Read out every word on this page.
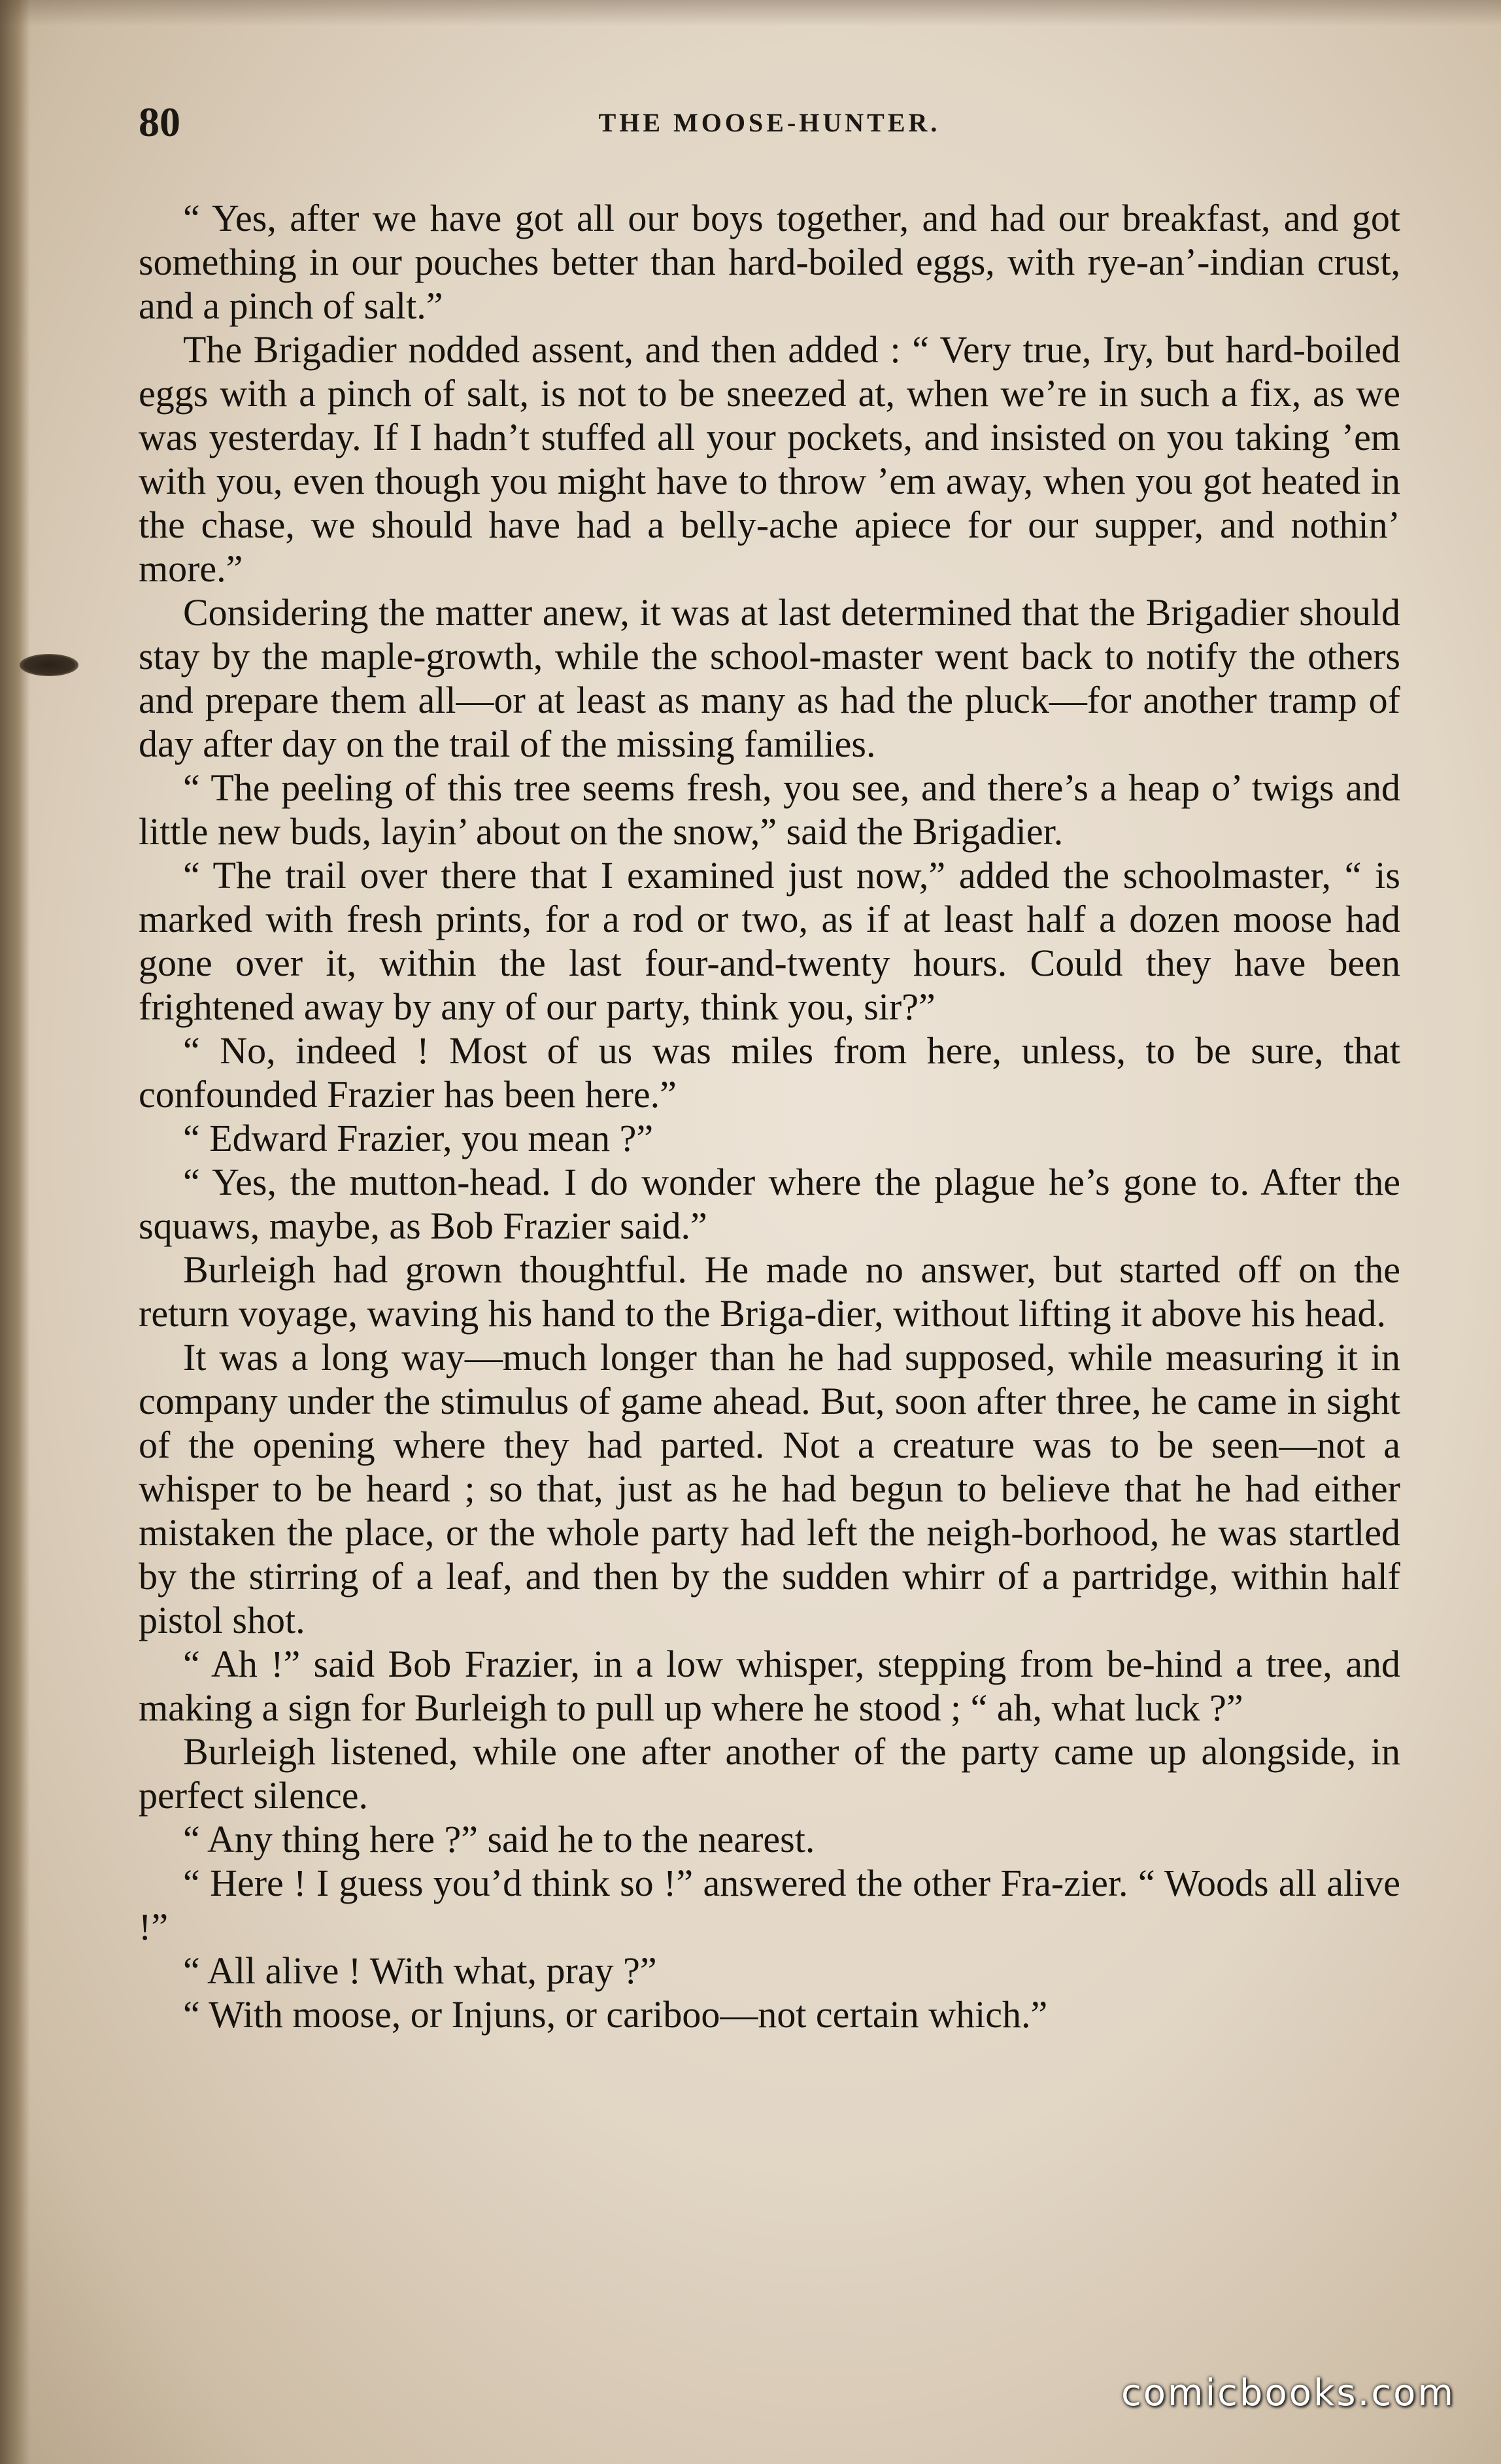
80	THE MOOSE-HUNTER.

“ Yes, after we have got all our boys together, and had our breakfast, and got something in our pouches better than hard-boiled eggs, with rye-an’-indian crust, and a pinch of salt.”

The Brigadier nodded assent, and then added : “ Very true, Iry, but hard-boiled eggs with a pinch of salt, is not to be sneezed at, when we’re in such a fix, as we was yesterday. If I hadn’t stuffed all your pockets, and insisted on you taking ’em with you, even though you might have to throw ’em away, when you got heated in the chase, we should have had a belly-ache apiece for our supper, and nothin’ more.”

Considering the matter anew, it was at last determined that the Brigadier should stay by the maple-growth, while the school-master went back to notify the others and prepare them all—or at least as many as had the pluck—for another tramp of day after day on the trail of the missing families.

“ The peeling of this tree seems fresh, you see, and there’s a heap o’ twigs and little new buds, layin’ about on the snow,” said the Brigadier.

“ The trail over there that I examined just now,” added the schoolmaster, “ is marked with fresh prints, for a rod or two, as if at least half a dozen moose had gone over it, within the last four-and-twenty hours. Could they have been frightened away by any of our party, think you, sir?”

“ No, indeed ! Most of us was miles from here, unless, to be sure, that confounded Frazier has been here.”

“ Edward Frazier, you mean ?”

“ Yes, the mutton-head. I do wonder where the plague he’s gone to. After the squaws, maybe, as Bob Frazier said.”

Burleigh had grown thoughtful. He made no answer, but started off on the return voyage, waving his hand to the Briga-dier, without lifting it above his head.

It was a long way—much longer than he had supposed, while measuring it in company under the stimulus of game ahead. But, soon after three, he came in sight of the opening where they had parted. Not a creature was to be seen—not a whisper to be heard ; so that, just as he had begun to believe that he had either mistaken the place, or the whole party had left the neigh-borhood, he was startled by the stirring of a leaf, and then by the sudden whirr of a partridge, within half pistol shot.

“ Ah !” said Bob Frazier, in a low whisper, stepping from be-hind a tree, and making a sign for Burleigh to pull up where he stood ; “ ah, what luck ?”

Burleigh listened, while one after another of the party came up alongside, in perfect silence.

“ Any thing here ?” said he to the nearest.

“ Here ! I guess you’d think so !” answered the other Fra-zier. “ Woods all alive !”

“ All alive ! With what, pray ?”

“ With moose, or Injuns, or cariboo—not certain which.”

comicbooks.com
